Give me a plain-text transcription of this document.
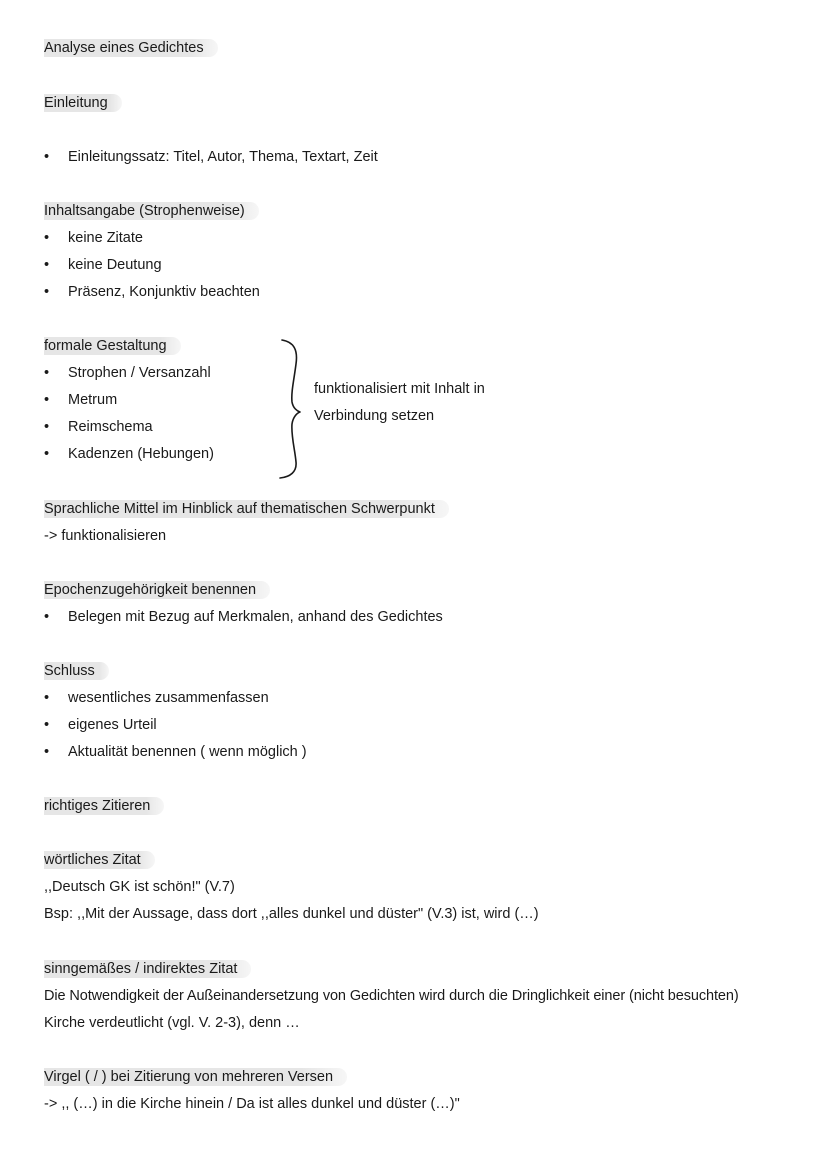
Analyse eines Gedichtes
Einleitung
• Einleitungssatz: Titel, Autor, Thema, Textart, Zeit
Inhaltsangabe (Strophenweise)
• keine Zitate
• keine Deutung
• Präsenz, Konjunktiv beachten
formale Gestaltung
• Strophen / Versanzahl
• Metrum
• Reimschema
• Kadenzen (Hebungen)
funktionalisiert mit Inhalt in
Verbindung setzen
Sprachliche Mittel im Hinblick auf thematischen Schwerpunkt
-> funktionalisieren
Epochenzugehörigkeit benennen
• Belegen mit Bezug auf Merkmalen, anhand des Gedichtes
Schluss
• wesentliches zusammenfassen
• eigenes Urteil
• Aktualität benennen ( wenn möglich )
richtiges Zitieren
wörtliches Zitat
,,Deutsch GK ist schön!" (V.7)
Bsp: ,,Mit der Aussage, dass dort ,,alles dunkel und düster" (V.3) ist, wird (…)
sinngemäßes / indirektes Zitat
Die Notwendigkeit der Außeinandersetzung von Gedichten wird durch die Dringlichkeit einer (nicht besuchten)
Kirche verdeutlicht (vgl. V. 2-3), denn …
Virgel ( / ) bei Zitierung von mehreren Versen
-> ,, (…) in die Kirche hinein / Da ist alles dunkel und düster (…)"
